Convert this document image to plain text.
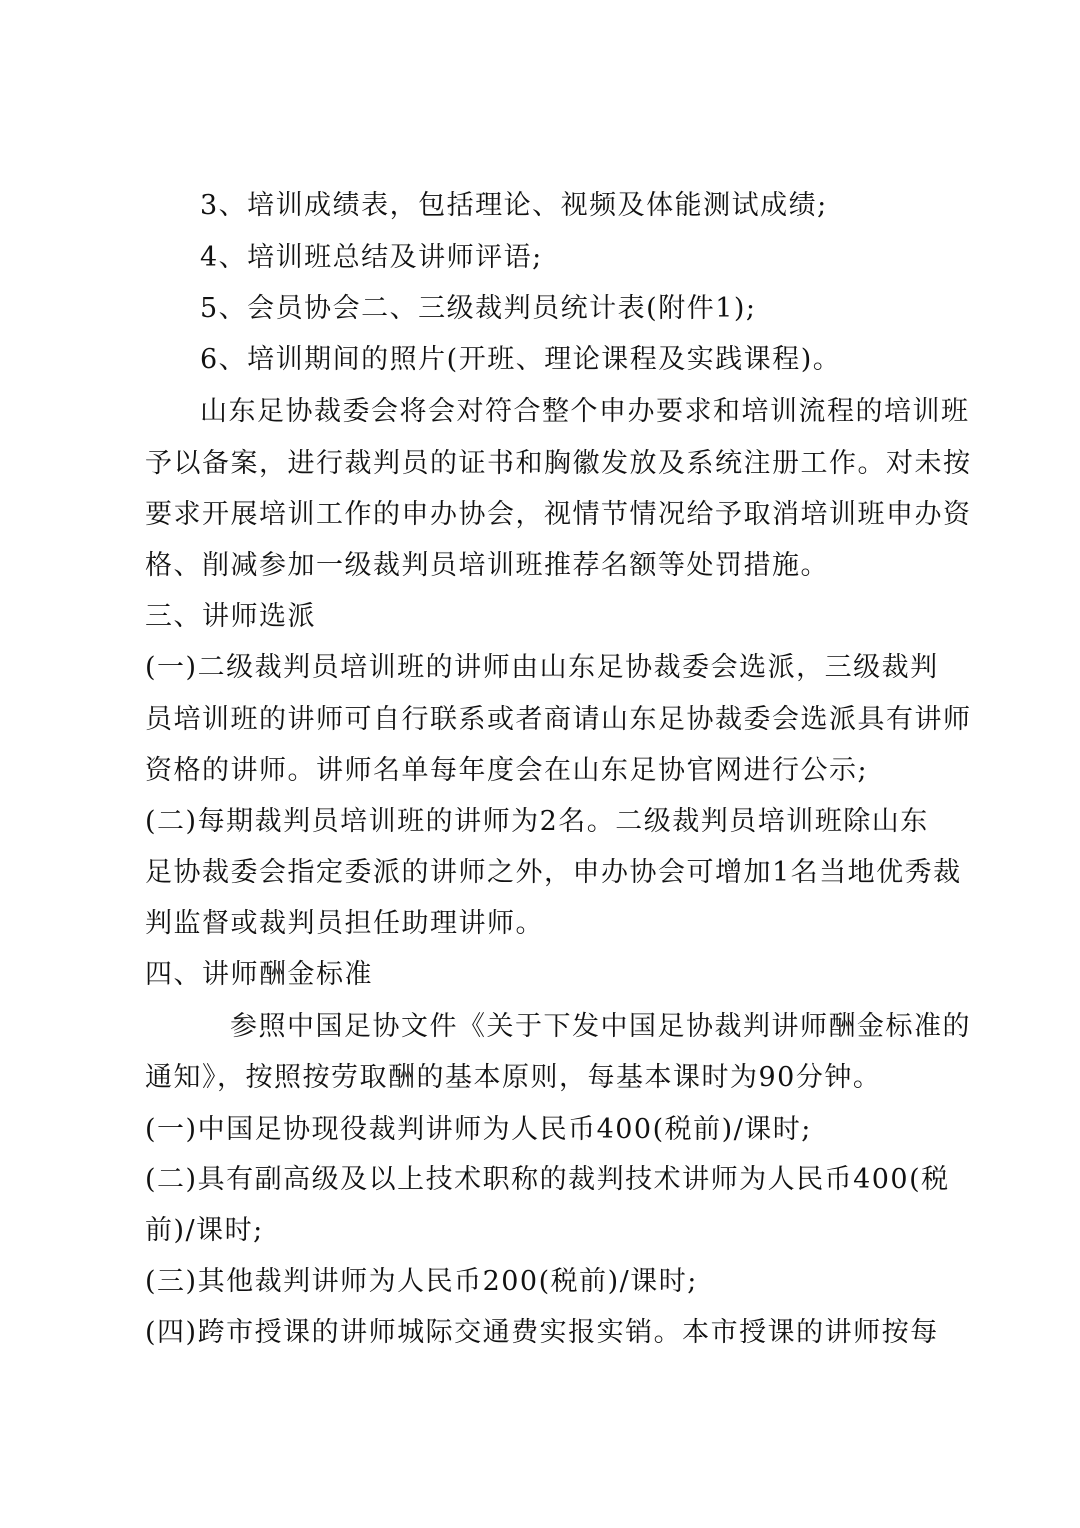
3、培训成绩表，包括理论、视频及体能测试成绩;
4、培训班总结及讲师评语;
5、会员协会二、三级裁判员统计表(附件1);
6、培训期间的照片(开班、理论课程及实践课程)。
山东足协裁委会将会对符合整个申办要求和培训流程的培训班
予以备案，进行裁判员的证书和胸徽发放及系统注册工作。对未按
要求开展培训工作的申办协会，视情节情况给予取消培训班申办资
格、削减参加一级裁判员培训班推荐名额等处罚措施。
三、讲师选派
(一)二级裁判员培训班的讲师由山东足协裁委会选派，三级裁判
员培训班的讲师可自行联系或者商请山东足协裁委会选派具有讲师
资格的讲师。讲师名单每年度会在山东足协官网进行公示;
(二)每期裁判员培训班的讲师为2名。二级裁判员培训班除山东
足协裁委会指定委派的讲师之外，申办协会可增加1名当地优秀裁
判监督或裁判员担任助理讲师。
四、讲师酬金标准
参照中国足协文件《关于下发中国足协裁判讲师酬金标准的
通知》，按照按劳取酬的基本原则，每基本课时为90分钟。
(一)中国足协现役裁判讲师为人民币400(税前)/课时;
(二)具有副高级及以上技术职称的裁判技术讲师为人民币400(税
前)/课时;
(三)其他裁判讲师为人民币200(税前)/课时;
(四)跨市授课的讲师城际交通费实报实销。本市授课的讲师按每
